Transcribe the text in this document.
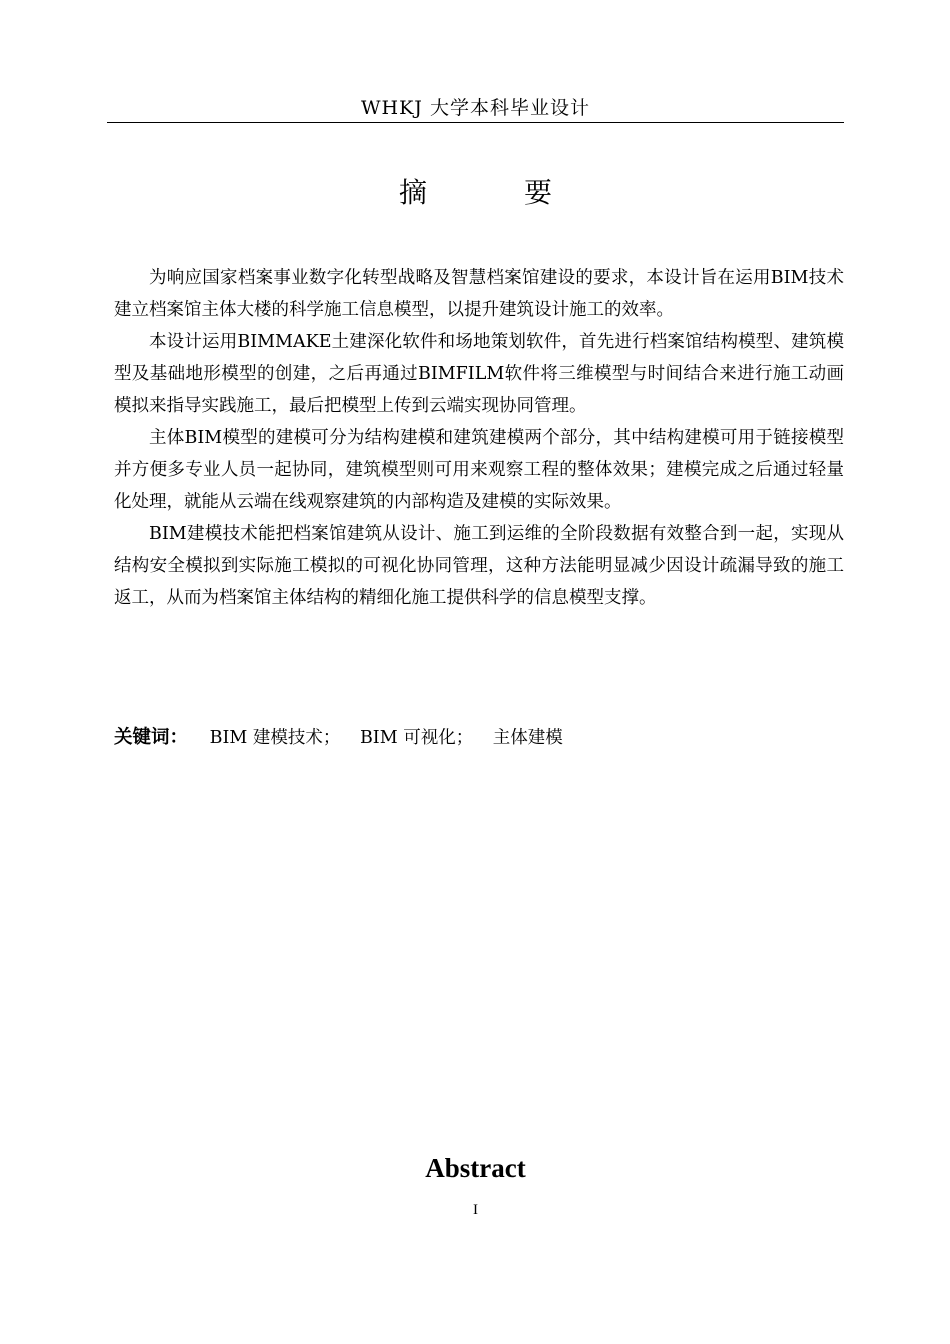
WHKJ 大学本科毕业设计
摘 要

为响应国家档案事业数字化转型战略及智慧档案馆建设的要求，本设计旨在运用BIM技术建立档案馆主体大楼的科学施工信息模型，以提升建筑设计施工的效率。

本设计运用BIMMAKE土建深化软件和场地策划软件，首先进行档案馆结构模型、建筑模型及基础地形模型的创建，之后再通过BIMFILM软件将三维模型与时间结合来进行施工动画模拟来指导实践施工，最后把模型上传到云端实现协同管理。

主体BIM模型的建模可分为结构建模和建筑建模两个部分，其中结构建模可用于链接模型并方便多专业人员一起协同，建筑模型则可用来观察工程的整体效果；建模完成之后通过轻量化处理，就能从云端在线观察建筑的内部构造及建模的实际效果。

BIM建模技术能把档案馆建筑从设计、施工到运维的全阶段数据有效整合到一起，实现从结构安全模拟到实际施工模拟的可视化协同管理，这种方法能明显减少因设计疏漏导致的施工返工，从而为档案馆主体结构的精细化施工提供科学的信息模型支撑。

关键词： BIM 建模技术； BIM 可视化； 主体建模
Abstract
I
